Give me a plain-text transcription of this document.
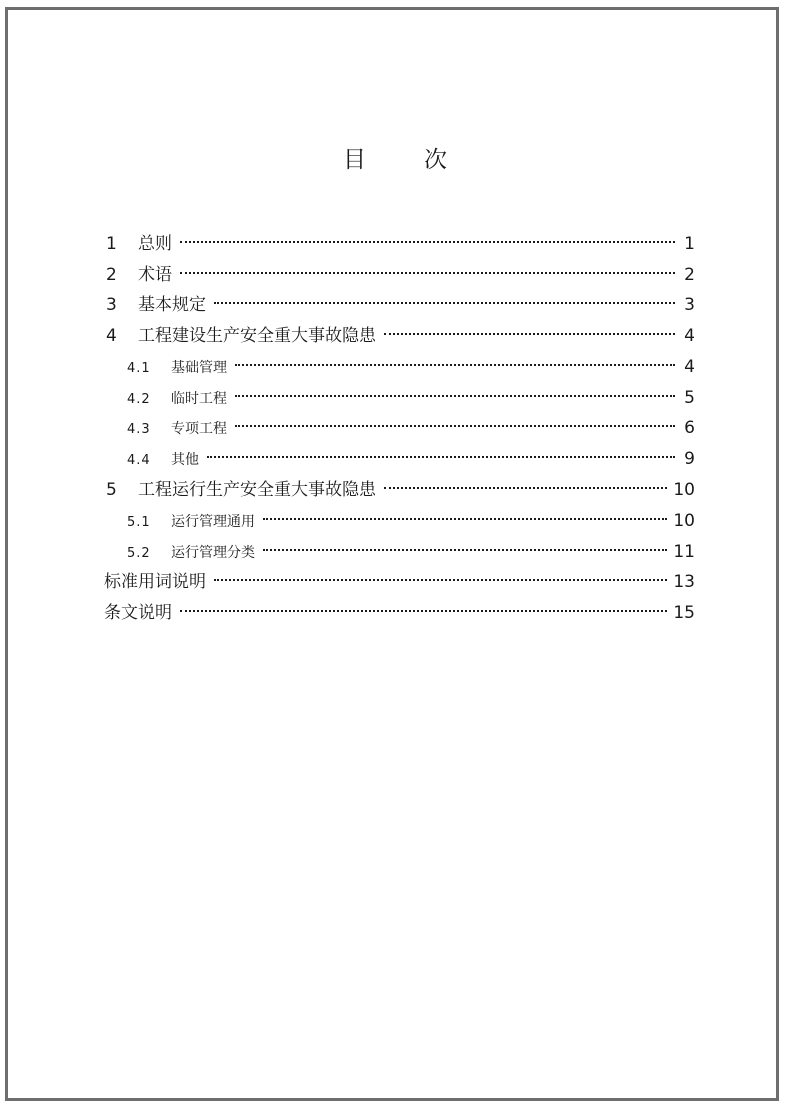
目	次
1	总则	1
2	术语	2
3	基本规定	3
4	工程建设生产安全重大事故隐患	4
4.1	基础管理	4
4.2	临时工程	5
4.3	专项工程	6
4.4	其他	9
5	工程运行生产安全重大事故隐患	10
5.1	运行管理通用	10
5.2	运行管理分类	11
标准用词说明	13
条文说明	15
